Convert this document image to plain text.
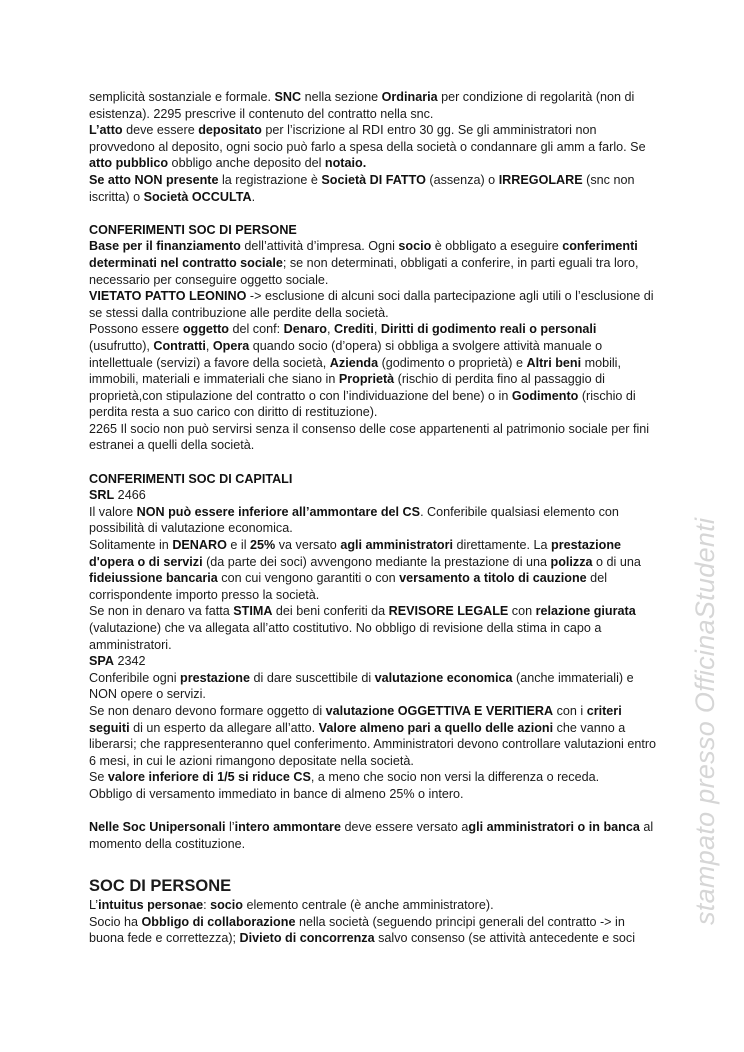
semplicità sostanziale e formale. SNC nella sezione Ordinaria per condizione di regolarità (non di
esistenza). 2295 prescrive il contenuto del contratto nella snc.
L’atto deve essere depositato per l’iscrizione al RDI entro 30 gg. Se gli amministratori non
provvedono al deposito, ogni socio può farlo a spesa della società o condannare gli amm a farlo. Se
atto pubblico obbligo anche deposito del notaio.
Se atto NON presente la registrazione è Società DI FATTO (assenza) o IRREGOLARE (snc non
iscritta) o Società OCCULTA.
CONFERIMENTI SOC DI PERSONE
Base per il finanziamento dell’attività d’impresa. Ogni socio è obbligato a eseguire conferimenti
determinati nel contratto sociale; se non determinati, obbligati a conferire, in parti eguali tra loro,
necessario per conseguire oggetto sociale.
VIETATO PATTO LEONINO -> esclusione di alcuni soci dalla partecipazione agli utili o l’esclusione di
se stessi dalla contribuzione alle perdite della società.
Possono essere oggetto del conf: Denaro, Crediti, Diritti di godimento reali o personali
(usufrutto), Contratti, Opera quando socio (d’opera) si obbliga a svolgere attività manuale o
intellettuale (servizi) a favore della società, Azienda (godimento o proprietà) e Altri beni mobili,
immobili, materiali e immateriali che siano in Proprietà (rischio di perdita fino al passaggio di
proprietà,con stipulazione del contratto o con l’individuazione del bene) o in Godimento (rischio di
perdita resta a suo carico con diritto di restituzione).
2265 Il socio non può servirsi senza il consenso delle cose appartenenti al patrimonio sociale per fini
estranei a quelli della società.
CONFERIMENTI SOC DI CAPITALI
SRL 2466
Il valore NON può essere inferiore all’ammontare del CS. Conferibile qualsiasi elemento con
possibilità di valutazione economica.
Solitamente in DENARO e il 25% va versato agli amministratori direttamente. La prestazione
d'opera o di servizi (da parte dei soci) avvengono mediante la prestazione di una polizza o di una
fideiussione bancaria con cui vengono garantiti o con versamento a titolo di cauzione del
corrispondente importo presso la società.
Se non in denaro va fatta STIMA dei beni conferiti da REVISORE LEGALE con relazione giurata
(valutazione) che va allegata all’atto costitutivo. No obbligo di revisione della stima in capo a
amministratori.
SPA 2342
Conferibile ogni prestazione di dare suscettibile di valutazione economica (anche immateriali) e
NON opere o servizi.
Se non denaro devono formare oggetto di valutazione OGGETTIVA E VERITIERA con i criteri
seguiti di un esperto da allegare all’atto. Valore almeno pari a quello delle azioni che vanno a
liberarsi; che rappresenteranno quel conferimento. Amministratori devono controllare valutazioni entro
6 mesi, in cui le azioni rimangono depositate nella società.
Se valore inferiore di 1/5 si riduce CS, a meno che socio non versi la differenza o receda.
Obbligo di versamento immediato in bance di almeno 25% o intero.
Nelle Soc Unipersonali l’intero ammontare deve essere versato agli amministratori o in banca al
momento della costituzione.
SOC DI PERSONE
L’intuitus personae: socio elemento centrale (è anche amministratore).
Socio ha Obbligo di collaborazione nella società (seguendo principi generali del contratto -> in
buona fede e correttezza); Divieto di concorrenza salvo consenso (se attività antecedente e soci
stampato presso OfficinaStudenti
